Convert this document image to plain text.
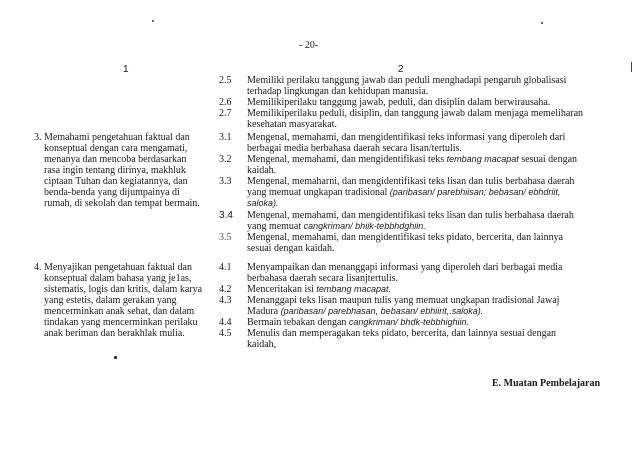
- 20-
1	2
2.5 Memiliki perilaku tanggung jawab dan peduli menghadapi pengaruh globalisasi
terhadap lingkungan dan kehidupan manusia.
2.6 Memilikiperilaku tanggung jawab, peduli, dan disiplin dalam berwirausaha.
2.7 Memilikiperilaku peduli, disiplin, dan tanggung jawab dalam menjaga memeliharan
kesehatan masyarakat.
3. Memahami pengetahuan faktual dan
konseptual dengan cara mengamati,
menanya dan mencoba berdasarkan
rasa ingin tentang dirinya, makhluk
ciptaan Tuhan dan kegiatannya, dan
benda-benda yang dijumpainya di
rumah, di sekolah dan tempat bermain.
3.1 Mengenal, memahami, dan mengidentifikasi teks informasi yang diperoleh dari
berbagai media berbahasa daerah secara lisan/tertulis.
3.2 Mengenal, memahami, dan mengidentifikasi teks tembang macapat sesuai dengan
kaidah.
3.3 Mengenal, memaharni, dan mengidentifikasi teks lisan dan tulis berbahasa daerah
yang memuat ungkapan tradisional (paribasan/ parebhiisan; bebasan/ ebhdriit,
saloka).
3.4 Mengenal, memahami, dan mengidentifikasi teks lisan dan tulis berbahasa daerah
yang memuat cangkriman/ bhiik-tebbhdghiin.
3.5 Mengenal, memahami, dan mengidentifikasi teks pidato, bercerita, dan lainnya
sesuai dengan kaidah.
4. Menyajikan pengetahuan faktual dan
konseptual dalam bahasa yang je1as,
sistematis, logis dan kritis, dalam karya
yang estetis, dalam gerakan yang
mencerminkan anak sehat, dan dalam
tindakan yang mencerminkan perilaku
anak beriman dan berakhlak mulia.
4.1 Menyampaikan dan menanggapi informasi yang diperoleh dari berbagai media
berbahasa daerah secara lisanjtertulis.
4.2 Menceritakan isi tembang macapat.
4.3 Menanggapi teks lisan maupun tulis yang memuat ungkapan tradisional Jawaj
Madura (paribasan/ parebhasan, bebasan/ ebhiirit,.saloka).
4.4 Bermain tebakan dengan cangkriman/ bhdk-tebbhighiin.
4.5 Menulis dan memperagakan teks pidato, bercerita, dan lainnya sesuai dengan
kaidah,
E. Muatan Pembelajaran
